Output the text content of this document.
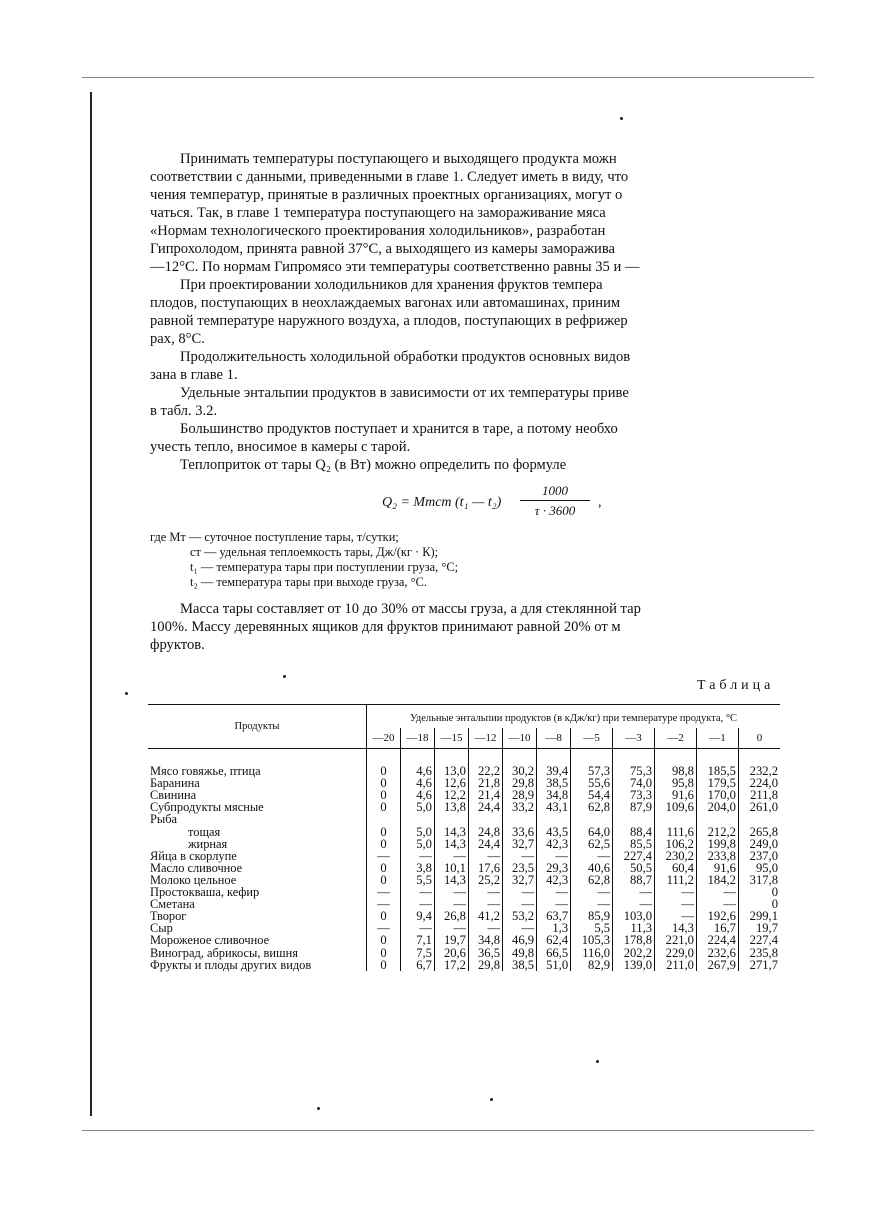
Принимать температуры поступающего и выходящего продукта можн
соответствии с данными, приведенными в главе 1. Следует иметь в виду, что
чения температур, принятые в различных проектных организациях, могут о
чаться. Так, в главе 1 температура поступающего на замораживание мяса
«Нормам технологического проектирования холодильников», разработан
Гипрохолодом, принята равной 37°С, а выходящего из камеры заморажива
—12°С. По нормам Гипромясо эти температуры соответственно равны 35 и —

При проектировании холодильников для хранения фруктов темпера
плодов, поступающих в неохлаждаемых вагонах или автомашинах, приним
равной температуре наружного воздуха, а плодов, поступающих в рефрижер
рах, 8°С.

Продолжительность холодильной обработки продуктов основных видов
зана в главе 1.

Удельные энтальпии продуктов в зависимости от их температуры приве
в табл. 3.2.

Большинство продуктов поступает и хранится в таре, а потому необхо
учесть тепло, вносимое в камеры с тарой.

Теплоприток от тары Q₂ (в Вт) можно определить по формуле

Q₂ = Mтcт (t₁ — $t_2) \frac{1000}{\tau \cdot 3600}$ ,
где Mт — суточное поступление тары, т/сутки;
cт — удельная теплоемкость тары, Дж/(кг · К);
t₁ — температура тары при поступлении груза, °С;
t₂ — температура тары при выходе груза, °С.

Масса тары составляет от 10 до 30% от массы груза, а для стеклянной тар
100%. Массу деревянных ящиков для фруктов принимают равной 20% от м
фруктов.

Таблица
Продукты	Удельные энтальпии продуктов (в кДж/кг) при температуре продукта, °С										
	—20	—18	—15	—12	—10	—8	—5	—3	—2	—1	0
Мясо говяжье, птица	0	4,6	13,0	22,2	30,2	39,4	57,3	75,3	98,8	185,5	232,2
Баранина	0	4,6	12,6	21,8	29,8	38,5	55,6	74,0	95,8	179,5	224,0
Свинина	0	4,6	12,2	21,4	28,9	34,8	54,4	73,3	91,6	170,0	211,8
Субпродукты мясные	0	5,0	13,8	24,4	33,2	43,1	62,8	87,9	109,6	204,0	261,0
Рыба											
тощая	0	5,0	14,3	24,8	33,6	43,5	64,0	88,4	111,6	212,2	265,8
жирная	0	5,0	14,3	24,4	32,7	42,3	62,5	85,5	106,2	199,8	249,0
Яйца в скорлупе	—	—	—	—	—	—	—	227,4	230,2	233,8	237,0
Масло сливочное	0	3,8	10,1	17,6	23,5	29,3	40,6	50,5	60,4	91,6	95,0
Молоко цельное	0	5,5	14,3	25,2	32,7	42,3	62,8	88,7	111,2	184,2	317,8
Простокваша, кефир	—	—	—	—	—	—	—	—	—	—	0
Сметана	—	—	—	—	—	—	—	—	—	—	0
Творог	0	9,4	26,8	41,2	53,2	63,7	85,9	103,0	—	192,6	299,1
Сыр	—	—	—	—	—	1,3	5,5	11,3	14,3	16,7	19,7
Мороженое сливочное	0	7,1	19,7	34,8	46,9	62,4	105,3	178,8	221,0	224,4	227,4
Виноград, абрикосы, вишня	0	7,5	20,6	36,5	49,8	66,5	116,0	202,2	229,0	232,6	235,8
Фрукты и плоды других видов	0	6,7	17,2	29,8	38,5	51,0	82,9	139,0	211,0	267,9	271,7
